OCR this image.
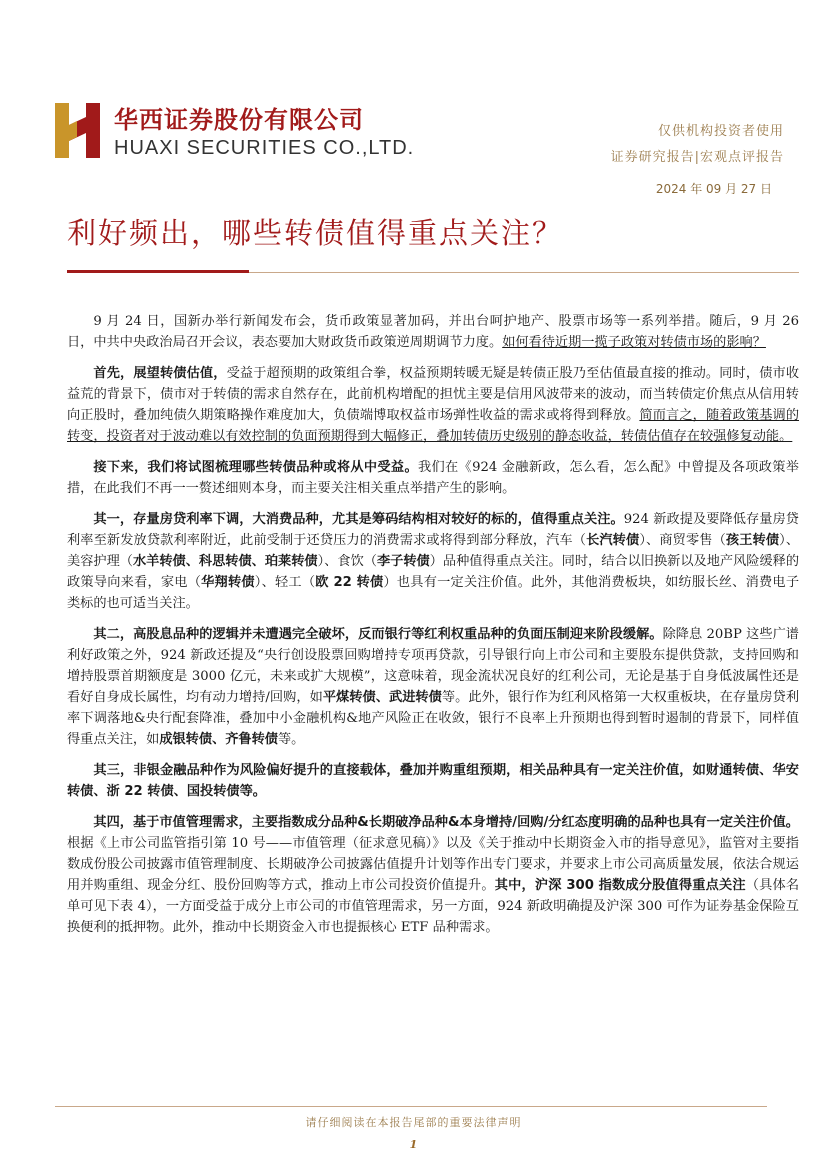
华西证券股份有限公司
HUAXI SECURITIES CO.,LTD.
仅供机构投资者使用
证券研究报告|宏观点评报告
2024 年 09 月 27 日
利好频出，哪些转债值得重点关注？

9 月 24 日，国新办举行新闻发布会，货币政策显著加码，并出台呵护地产、股票市场等一系列举措。随后，9 月 26 日，中共中央政治局召开会议，表态要加大财政货币政策逆周期调节力度。如何看待近期一揽子政策对转债市场的影响？

首先，展望转债估值，受益于超预期的政策组合拳，权益预期转暖无疑是转债正股乃至估值最直接的推动。同时，债市收益荒的背景下，债市对于转债的需求自然存在，此前机构增配的担忧主要是信用风波带来的波动，而当转债定价焦点从信用转向正股时，叠加纯债久期策略操作难度加大，负债端博取权益市场弹性收益的需求或将得到释放。简而言之，随着政策基调的转变，投资者对于波动难以有效控制的负面预期得到大幅修正，叠加转债历史级别的静态收益，转债估值存在较强修复动能。

接下来，我们将试图梳理哪些转债品种或将从中受益。我们在《924 金融新政，怎么看，怎么配》中曾提及各项政策举措，在此我们不再一一赘述细则本身，而主要关注相关重点举措产生的影响。

其一，存量房贷利率下调，大消费品种，尤其是筹码结构相对较好的标的，值得重点关注。924 新政提及要降低存量房贷利率至新发放贷款利率附近，此前受制于还贷压力的消费需求或将得到部分释放，汽车（长汽转债）、商贸零售（孩王转债）、美容护理（水羊转债、科思转债、珀莱转债）、食饮（李子转债）品种值得重点关注。同时，结合以旧换新以及地产风险缓释的政策导向来看，家电（华翔转债）、轻工（欧 22 转债）也具有一定关注价值。此外，其他消费板块，如纺服长丝、消费电子类标的也可适当关注。

其二，高股息品种的逻辑并未遭遇完全破坏，反而银行等红利权重品种的负面压制迎来阶段缓解。除降息 20BP 这些广谱利好政策之外，924 新政还提及“央行创设股票回购增持专项再贷款，引导银行向上市公司和主要股东提供贷款，支持回购和增持股票首期额度是 3000 亿元，未来或扩大规模”，这意味着，现金流状况良好的红利公司，无论是基于自身低波属性还是看好自身成长属性，均有动力增持/回购，如平煤转债、武进转债等。此外，银行作为红利风格第一大权重板块，在存量房贷利率下调落地&央行配套降准，叠加中小金融机构&地产风险正在收敛，银行不良率上升预期也得到暂时遏制的背景下，同样值得重点关注，如成银转债、齐鲁转债等。

其三，非银金融品种作为风险偏好提升的直接载体，叠加并购重组预期，相关品种具有一定关注价值，如财通转债、华安转债、浙 22 转债、国投转债等。

其四，基于市值管理需求，主要指数成分品种&长期破净品种&本身增持/回购/分红态度明确的品种也具有一定关注价值。根据《上市公司监管指引第 10 号——市值管理（征求意见稿）》以及《关于推动中长期资金入市的指导意见》，监管对主要指数成份股公司披露市值管理制度、长期破净公司披露估值提升计划等作出专门要求，并要求上市公司高质量发展，依法合规运用并购重组、现金分红、股份回购等方式，推动上市公司投资价值提升。其中，沪深 300 指数成分股值得重点关注（具体名单可见下表 4），一方面受益于成分上市公司的市值管理需求，另一方面，924 新政明确提及沪深 300 可作为证券基金保险互换便利的抵押物。此外，推动中长期资金入市也提振核心 ETF 品种需求。

请仔细阅读在本报告尾部的重要法律声明
1
